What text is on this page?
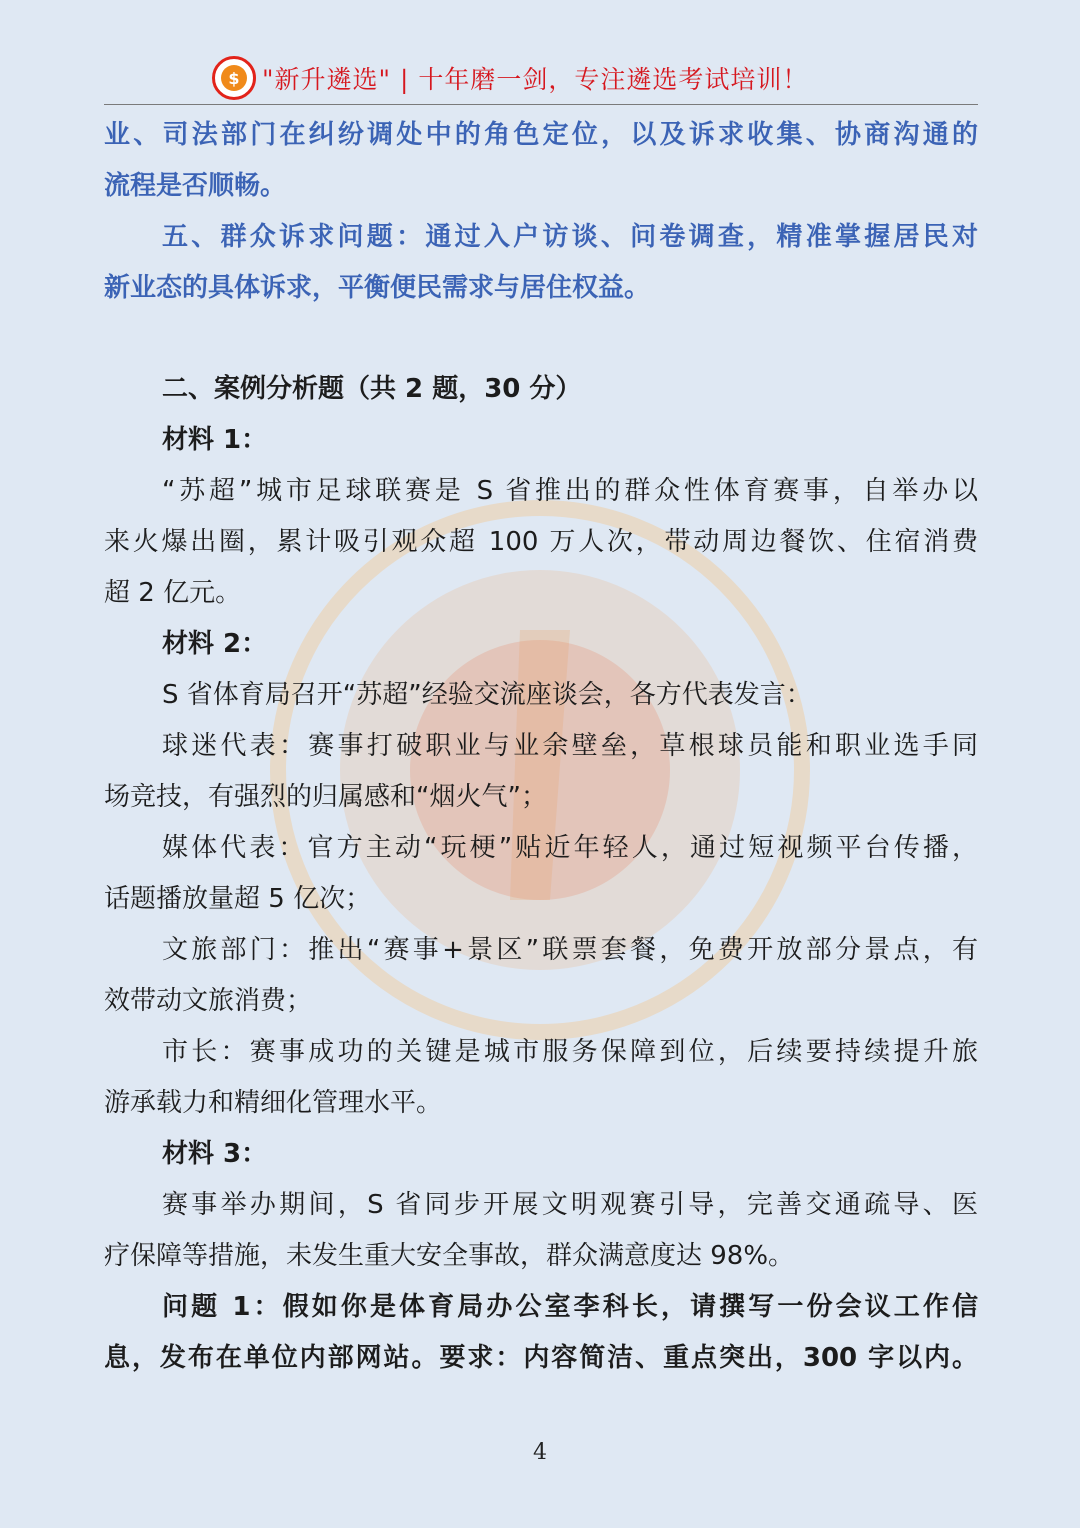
$ "新升遴选" | 十年磨一剑，专注遴选考试培训！
业、司法部门在纠纷调处中的角色定位，以及诉求收集、协商沟通的
流程是否顺畅。
五、群众诉求问题：通过入户访谈、问卷调查，精准掌握居民对
新业态的具体诉求，平衡便民需求与居住权益。
二、案例分析题（共 2 题，30 分）
材料 1：
“苏超”城市足球联赛是 S 省推出的群众性体育赛事，自举办以
来火爆出圈，累计吸引观众超 100 万人次，带动周边餐饮、住宿消费
超 2 亿元。
材料 2：
S 省体育局召开“苏超”经验交流座谈会，各方代表发言：
球迷代表：赛事打破职业与业余壁垒，草根球员能和职业选手同
场竞技，有强烈的归属感和“烟火气”；
媒体代表：官方主动“玩梗”贴近年轻人，通过短视频平台传播，
话题播放量超 5 亿次；
文旅部门：推出“赛事+景区”联票套餐，免费开放部分景点，有
效带动文旅消费；
市长：赛事成功的关键是城市服务保障到位，后续要持续提升旅
游承载力和精细化管理水平。
材料 3：
赛事举办期间，S 省同步开展文明观赛引导，完善交通疏导、医
疗保障等措施，未发生重大安全事故，群众满意度达 98%。
问题 1：假如你是体育局办公室李科长，请撰写一份会议工作信
息，发布在单位内部网站。要求：内容简洁、重点突出，300 字以内。
4
